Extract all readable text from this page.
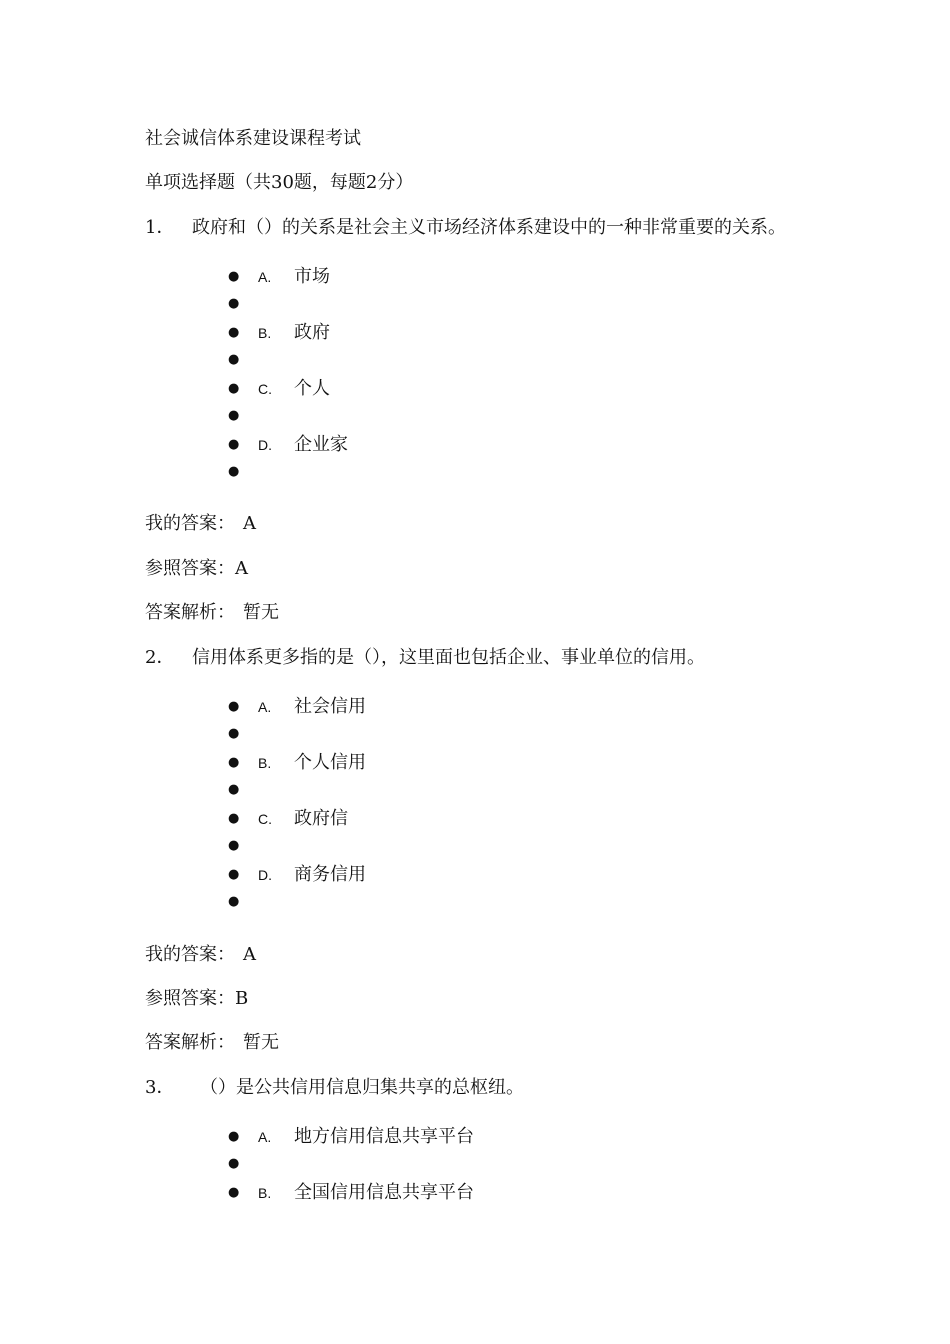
社会诚信体系建设课程考试
单项选择题（共30题，每题2分）
1． 政府和（）的关系是社会主义市场经济体系建设中的一种非常重要的关系。
● A. 市场
●
● B. 政府
●
● C. 个人
●
● D. 企业家
●
我的答案： A
参照答案：A
答案解析： 暂无
2． 信用体系更多指的是（），这里面也包括企业、事业单位的信用。
● A. 社会信用
●
● B. 个人信用
●
● C. 政府信
●
● D. 商务信用
●
我的答案： A
参照答案：B
答案解析： 暂无
3． （）是公共信用信息归集共享的总枢纽。
● A. 地方信用信息共享平台
●
● B. 全国信用信息共享平台
